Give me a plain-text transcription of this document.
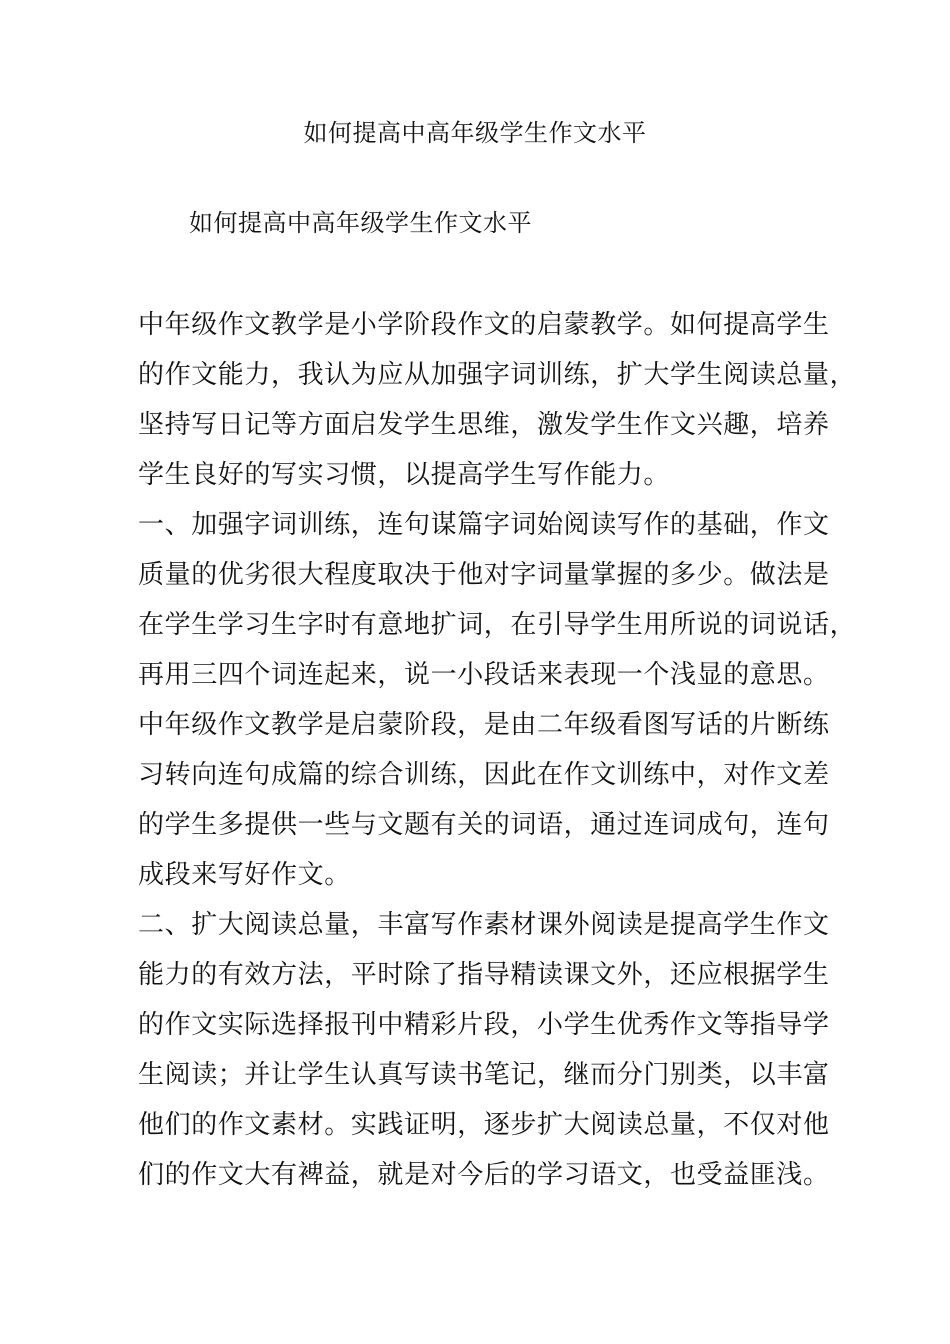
如何提高中高年级学生作文水平
如何提高中高年级学生作文水平
中年级作文教学是小学阶段作文的启蒙教学。如何提高学生
的作文能力，我认为应从加强字词训练，扩大学生阅读总量，
坚持写日记等方面启发学生思维，激发学生作文兴趣，培养
学生良好的写实习惯，以提高学生写作能力。
一、加强字词训练，连句谋篇字词始阅读写作的基础，作文
质量的优劣很大程度取决于他对字词量掌握的多少。做法是
在学生学习生字时有意地扩词，在引导学生用所说的词说话，
再用三四个词连起来，说一小段话来表现一个浅显的意思。
中年级作文教学是启蒙阶段，是由二年级看图写话的片断练
习转向连句成篇的综合训练，因此在作文训练中，对作文差
的学生多提供一些与文题有关的词语，通过连词成句，连句
成段来写好作文。
二、扩大阅读总量，丰富写作素材课外阅读是提高学生作文
能力的有效方法，平时除了指导精读课文外，还应根据学生
的作文实际选择报刊中精彩片段，小学生优秀作文等指导学
生阅读；并让学生认真写读书笔记，继而分门别类，以丰富
他们的作文素材。实践证明，逐步扩大阅读总量，不仅对他
们的作文大有裨益，就是对今后的学习语文，也受益匪浅。
